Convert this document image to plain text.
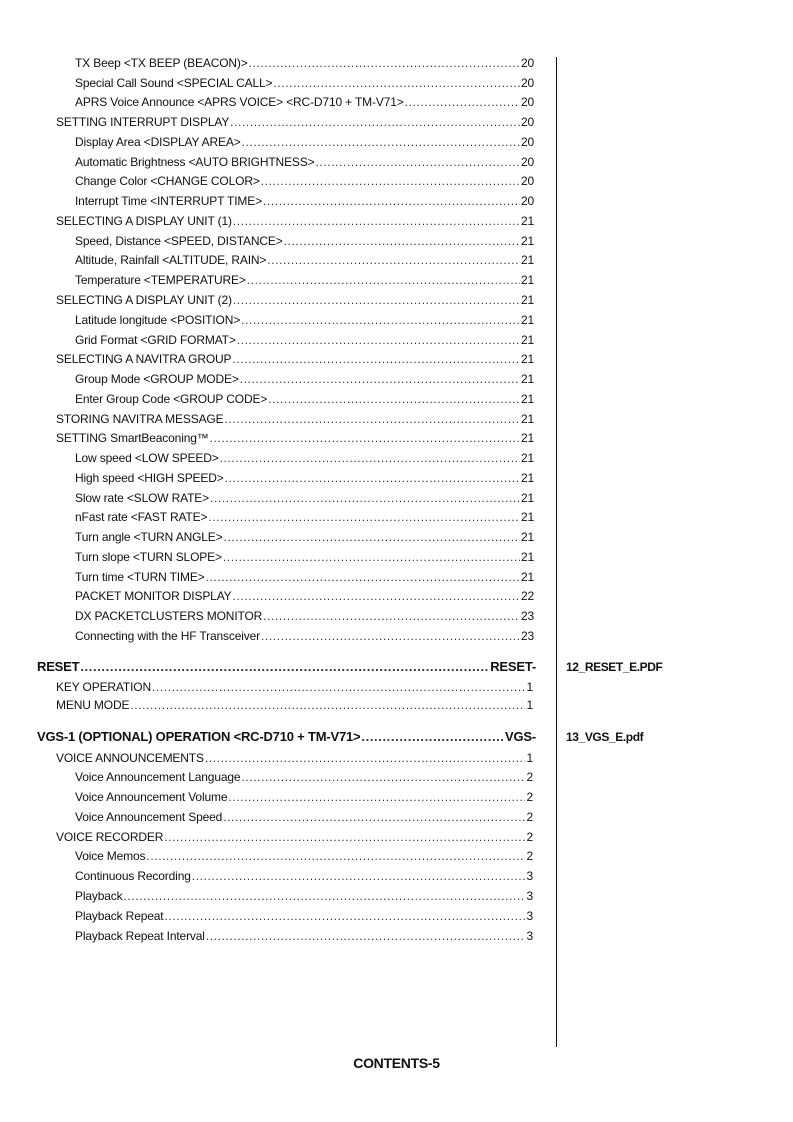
TX Beep <TX BEEP (BEACON)> .....	20
Special Call Sound <SPECIAL CALL> .....	20
APRS Voice Announce <APRS VOICE> <RC-D710 + TM-V71> .....	20
SETTING INTERRUPT DISPLAY .....	20
Display Area <DISPLAY AREA> .....	20
Automatic Brightness <AUTO BRIGHTNESS> .....	20
Change Color <CHANGE COLOR> .....	20
Interrupt Time <INTERRUPT TIME> .....	20
SELECTING A DISPLAY UNIT (1) .....	21
Speed, Distance <SPEED, DISTANCE> .....	21
Altitude, Rainfall <ALTITUDE, RAIN> .....	21
Temperature <TEMPERATURE> .....	21
SELECTING A DISPLAY UNIT (2) .....	21
Latitude longitude <POSITION> .....	21
Grid Format <GRID FORMAT> .....	21
SELECTING A NAVITRA GROUP .....	21
Group Mode <GROUP MODE> .....	21
Enter Group Code <GROUP CODE> .....	21
STORING NAVITRA MESSAGE .....	21
SETTING SmartBeaconing™ .....	21
Low speed <LOW SPEED> .....	21
High speed <HIGH SPEED> .....	21
Slow rate <SLOW RATE> .....	21
nFast rate <FAST RATE> .....	21
Turn angle <TURN ANGLE> .....	21
Turn slope <TURN SLOPE> .....	21
Turn time <TURN TIME> .....	21
PACKET MONITOR DISPLAY .....	22
DX PACKETCLUSTERS MONITOR .....	23
Connecting with the HF Transceiver .....	23
RESET .....	RESET-
KEY OPERATION .....	1
MENU MODE .....	1
VGS-1 (OPTIONAL) OPERATION <RC-D710 + TM-V71> .....	VGS-
VOICE ANNOUNCEMENTS .....	1
Voice Announcement Language .....	2
Voice Announcement Volume .....	2
Voice Announcement Speed .....	2
VOICE RECORDER .....	2
Voice Memos .....	2
Continuous Recording .....	3
Playback .....	3
Playback Repeat .....	3
Playback Repeat Interval .....	3
12_RESET_E.PDF
13_VGS_E.pdf
CONTENTS-5
